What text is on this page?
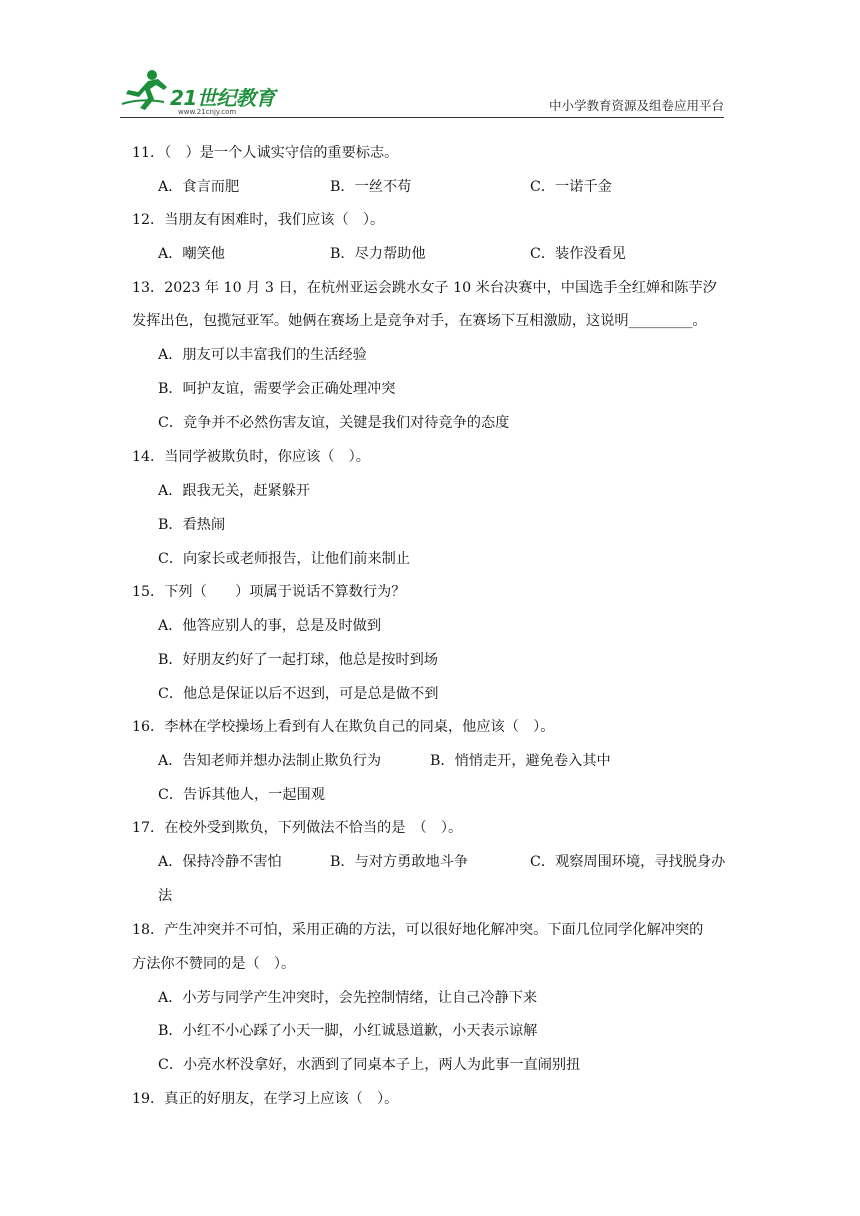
21世纪教育
www.21cnjy.com	中小学教育资源及组卷应用平台
11．（　）是一个人诚实守信的重要标志。
A．食言而肥	B．一丝不苟	C．一诺千金
12．当朋友有困难时，我们应该（　）。
A．嘲笑他	B．尽力帮助他	C．装作没看见
13．2023 年 10 月 3 日，在杭州亚运会跳水女子 10 米台决赛中，中国选手全红婵和陈芋汐
发挥出色，包揽冠亚军。她俩在赛场上是竞争对手，在赛场下互相激励，这说明_________。
A．朋友可以丰富我们的生活经验
B．呵护友谊，需要学会正确处理冲突
C．竞争并不必然伤害友谊，关键是我们对待竞争的态度
14．当同学被欺负时，你应该（　）。
A．跟我无关，赶紧躲开
B．看热闹
C．向家长或老师报告，让他们前来制止
15．下列（　　）项属于说话不算数行为？
A．他答应别人的事，总是及时做到
B．好朋友约好了一起打球，他总是按时到场
C．他总是保证以后不迟到，可是总是做不到
16．李林在学校操场上看到有人在欺负自己的同桌，他应该（　）。
A．告知老师并想办法制止欺负行为	B．悄悄走开，避免卷入其中
C．告诉其他人，一起围观
17．在校外受到欺负，下列做法不恰当的是　（　）。
A．保持冷静不害怕	B．与对方勇敢地斗争	C．观察周围环境，寻找脱身办
法
18．产生冲突并不可怕，采用正确的方法，可以很好地化解冲突。下面几位同学化解冲突的
方法你不赞同的是（　）。
A．小芳与同学产生冲突时，会先控制情绪，让自己冷静下来
B．小红不小心踩了小天一脚，小红诚恳道歉，小天表示谅解
C．小亮水杯没拿好，水洒到了同桌本子上，两人为此事一直闹别扭
19．真正的好朋友，在学习上应该（　）。
